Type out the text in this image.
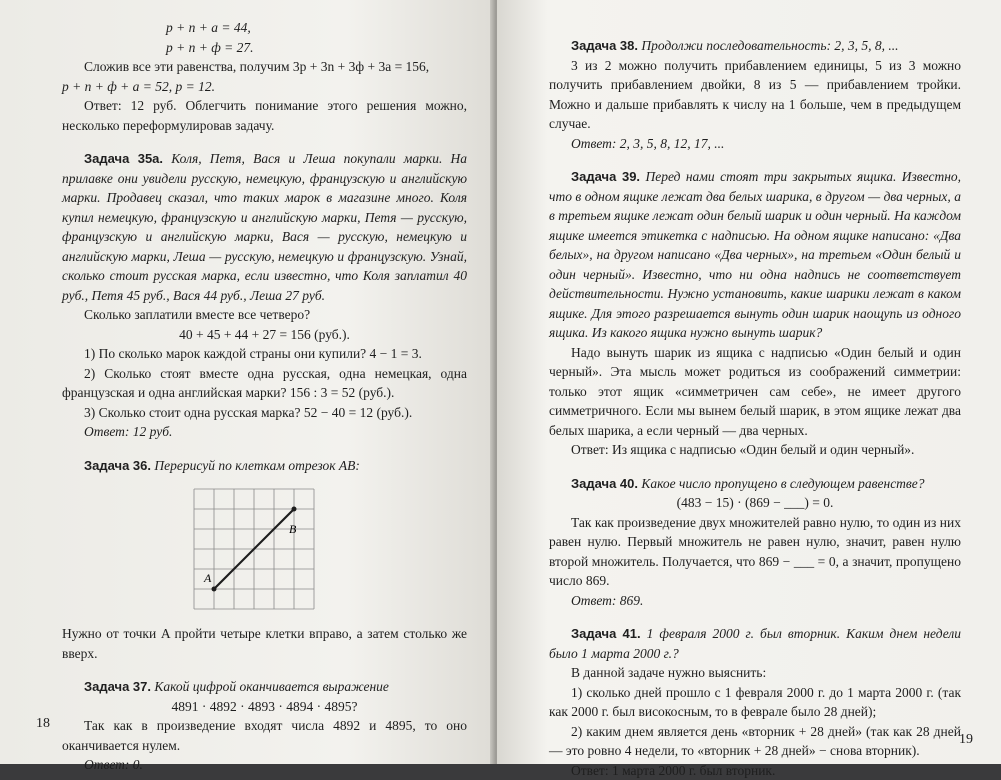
p + n + a = 44,

p + n + ф = 27.

Сложив все эти равенства, получим 3p + 3n + 3ф + 3a = 156,

p + n + ф + a = 52, p = 12.

Ответ: 12 руб. Облегчить понимание этого решения можно, несколько переформулировав задачу.

Задача 35а. Коля, Петя, Вася и Леша покупали марки. На прилавке они увидели русскую, немецкую, французскую и английскую марки. Продавец сказал, что таких марок в магазине много. Коля купил немецкую, французскую и английскую марки, Петя — русскую, французскую и английскую марки, Вася — русскую, немецкую и английскую марки, Леша — русскую, немецкую и французскую. Узнай, сколько стоит русская марка, если известно, что Коля заплатил 40 руб., Петя 45 руб., Вася 44 руб., Леша 27 руб.

Сколько заплатили вместе все четверо?

40 + 45 + 44 + 27 = 156 (руб.).

1) По сколько марок каждой страны они купили? 4 − 1 = 3.

2) Сколько стоят вместе одна русская, одна немецкая, одна французская и одна английская марки? 156 : 3 = 52 (руб.).

3) Сколько стоит одна русская марка? 52 − 40 = 12 (руб.).

Ответ: 12 руб.

Задача 36. Перерисуй по клеткам отрезок AB:

A
B

Нужно от точки A пройти четыре клетки вправо, а затем столько же вверх.

Задача 37. Какой цифрой оканчивается выражение

4891 · 4892 · 4893 · 4894 · 4895?

Так как в произведение входят числа 4892 и 4895, то оно оканчивается нулем.

Ответ: 0.

18

Задача 38. Продолжи последовательность: 2, 3, 5, 8, ...

3 из 2 можно получить прибавлением единицы, 5 из 3 можно получить прибавлением двойки, 8 из 5 — прибавлением тройки. Можно и дальше прибавлять к числу на 1 больше, чем в предыдущем случае.

Ответ: 2, 3, 5, 8, 12, 17, ...

Задача 39. Перед нами стоят три закрытых ящика. Известно, что в одном ящике лежат два белых шарика, в другом — два черных, а в третьем ящике лежат один белый шарик и один черный. На каждом ящике имеется этикетка с надписью. На одном ящике написано: «Два белых», на другом написано «Два черных», на третьем «Один белый и один черный». Известно, что ни одна надпись не соответствует действительности. Нужно установить, какие шарики лежат в каком ящике. Для этого разрешается вынуть один шарик наощупь из одного ящика. Из какого ящика нужно вынуть шарик?

Надо вынуть шарик из ящика с надписью «Один белый и один черный». Эта мысль может родиться из соображений симметрии: только этот ящик «симметричен сам себе», не имеет другого симметричного. Если мы вынем белый шарик, в этом ящике лежат два белых шарика, а если черный — два черных.

Ответ: Из ящика с надписью «Один белый и один черный».

Задача 40. Какое число пропущено в следующем равенстве?

(483 − 15) · (869 − ___) = 0.

Так как произведение двух множителей равно нулю, то один из них равен нулю. Первый множитель не равен нулю, значит, равен нулю второй множитель. Получается, что 869 − ___ = 0, а значит, пропущено число 869.

Ответ: 869.

Задача 41. 1 февраля 2000 г. был вторник. Каким днем недели было 1 марта 2000 г.?

В данной задаче нужно выяснить:

1) сколько дней прошло с 1 февраля 2000 г. до 1 марта 2000 г. (так как 2000 г. был високосным, то в феврале было 28 дней);

2) каким днем является день «вторник + 28 дней» (так как 28 дней — это ровно 4 недели, то «вторник + 28 дней» − снова вторник).

Ответ: 1 марта 2000 г. был вторник.

19
